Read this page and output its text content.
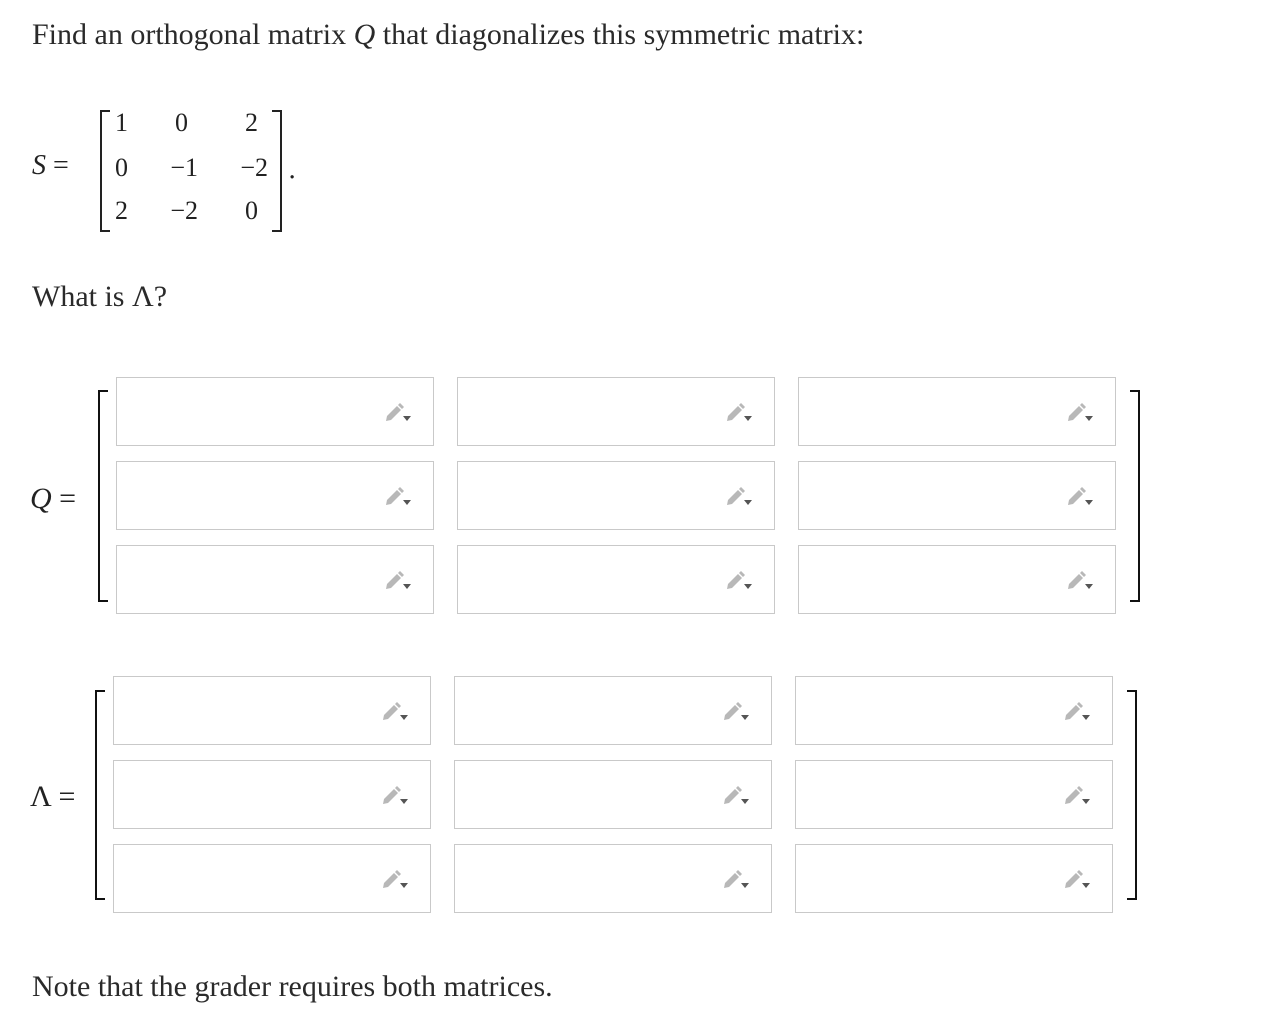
Find an orthogonal matrix Q that diagonalizes this symmetric matrix:
S =
1	0	2
0	−1	−2
2	−2	0
.
What is Λ?
Q =
Λ =
Note that the grader requires both matrices.
